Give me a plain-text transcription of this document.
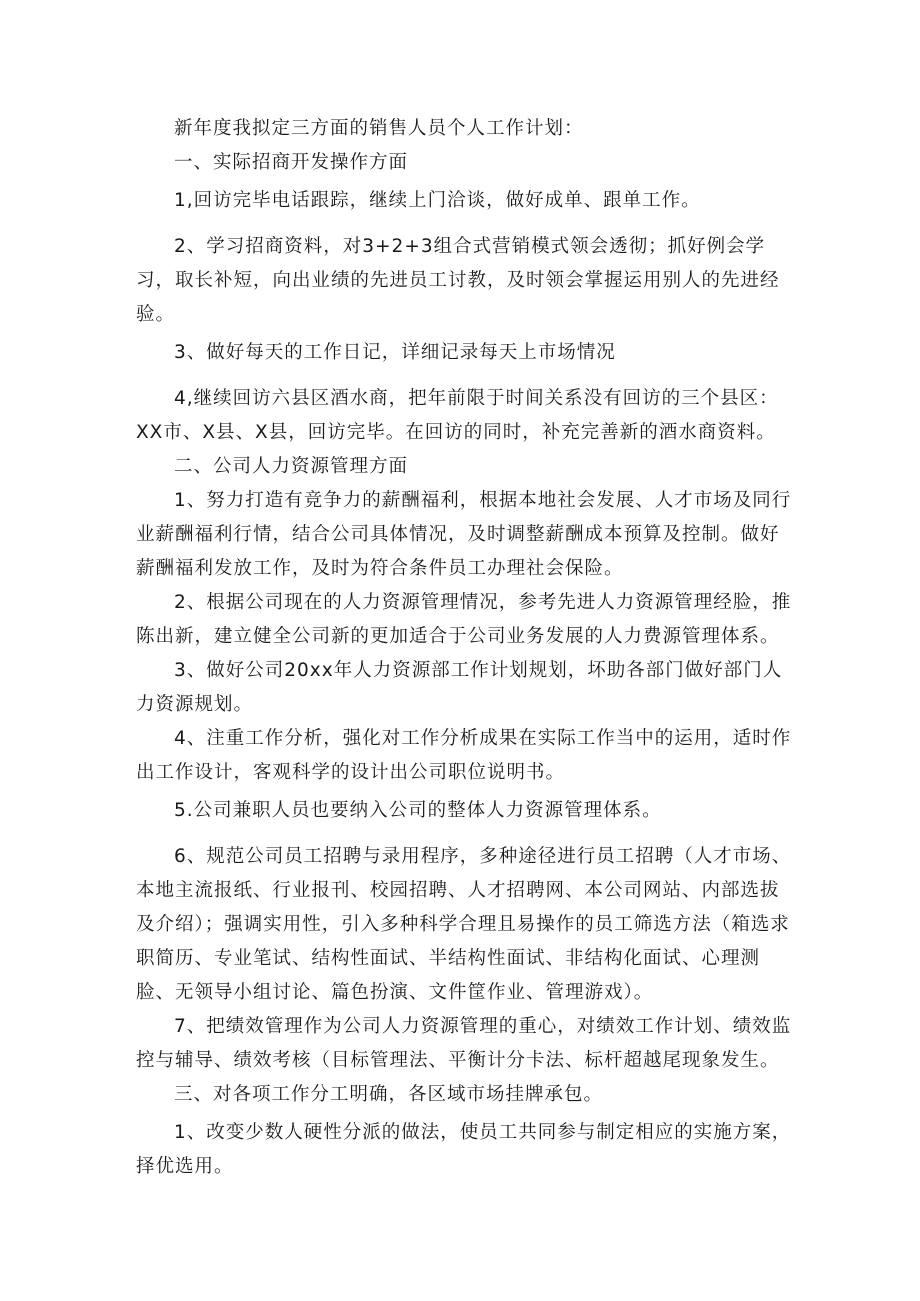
新年度我拟定三方面的销售人员个人工作计划：

一、实际招商开发操作方面

1,回访完毕电话跟踪，继续上门洽谈，做好成单、跟单工作。

2、学习招商资料，对3+2+3组合式营销模式领会透彻；抓好例会学习，取长补短，向出业绩的先进员工讨教，及时领会掌握运用别人的先进经验。

3、做好每天的工作日记，详细记录每天上市场情况

4,继续回访六县区酒水商，把年前限于时间关系没有回访的三个县区：XX市、X县、X县，回访完毕。在回访的同时，补充完善新的酒水商资料。

二、公司人力资源管理方面

1、努力打造有竞争力的薪酬福利，根据本地社会发展、人才市场及同行业薪酬福利行情，结合公司具体情况，及时调整薪酬成本预算及控制。做好薪酬福利发放工作，及时为符合条件员工办理社会保险。

2、根据公司现在的人力资源管理情况，参考先进人力资源管理经脸，推陈出新，建立健全公司新的更加适合于公司业务发展的人力费源管理体系。

3、做好公司20xx年人力资源部工作计划规划，坏助各部门做好部门人力资源规划。

4、注重工作分析，强化对工作分析成果在实际工作当中的运用，适时作出工作设计，客观科学的设计出公司职位说明书。

5.公司兼职人员也要纳入公司的整体人力资源管理体系。

6、规范公司员工招聘与录用程序，多种途径进行员工招聘（人才市场、本地主流报纸、行业报刊、校园招聘、人才招聘网、本公司网站、内部选拔及介绍）；强调实用性，引入多种科学合理且易操作的员工筛选方法（箱选求职简历、专业笔试、结构性面试、半结构性面试、非结构化面试、心理测脸、无领导小组讨论、篇色扮演、文件筐作业、管理游戏）。

7、把绩效管理作为公司人力资源管理的重心，对绩效工作计划、绩效监控与辅导、绩效考核（目标管理法、平衡计分卡法、标杆超越尾现象发生。

三、对各项工作分工明确，各区域市场挂牌承包。

1、改变少数人硬性分派的做法，使员工共同参与制定相应的实施方案，择优选用。
